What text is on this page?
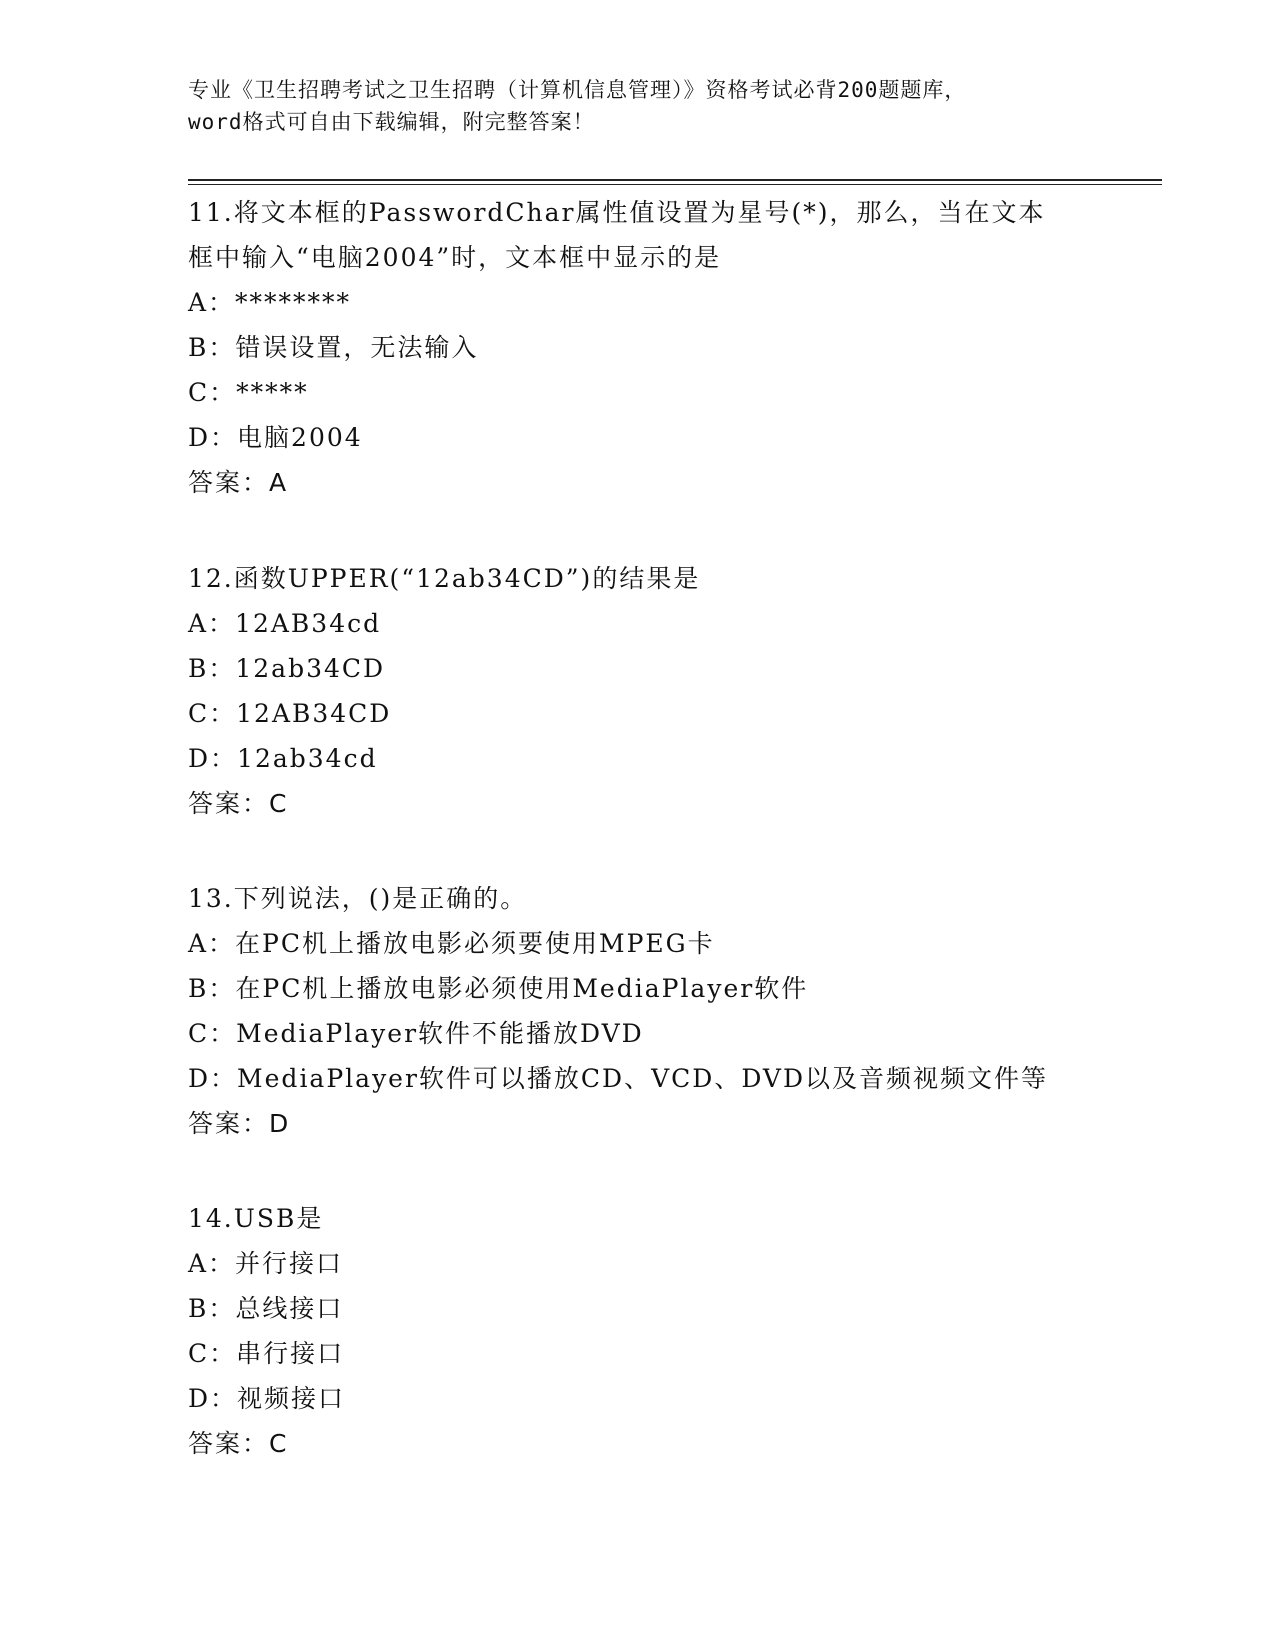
专业《卫生招聘考试之卫生招聘（计算机信息管理）》资格考试必背200题题库，
word格式可自由下载编辑，附完整答案！
11.将文本框的PasswordChar属性值设置为星号(*)，那么，当在文本
框中输入“电脑2004”时，文本框中显示的是
A：********
B：错误设置，无法输入
C：*****
D：电脑2004
答案：A
12.函数UPPER(“12ab34CD”)的结果是
A：12AB34cd
B：12ab34CD
C：12AB34CD
D：12ab34cd
答案：C
13.下列说法，()是正确的。
A：在PC机上播放电影必须要使用MPEG卡
B：在PC机上播放电影必须使用MediaPlayer软件
C：MediaPlayer软件不能播放DVD
D：MediaPlayer软件可以播放CD、VCD、DVD以及音频视频文件等
答案：D
14.USB是
A：并行接口
B：总线接口
C：串行接口
D：视频接口
答案：C
